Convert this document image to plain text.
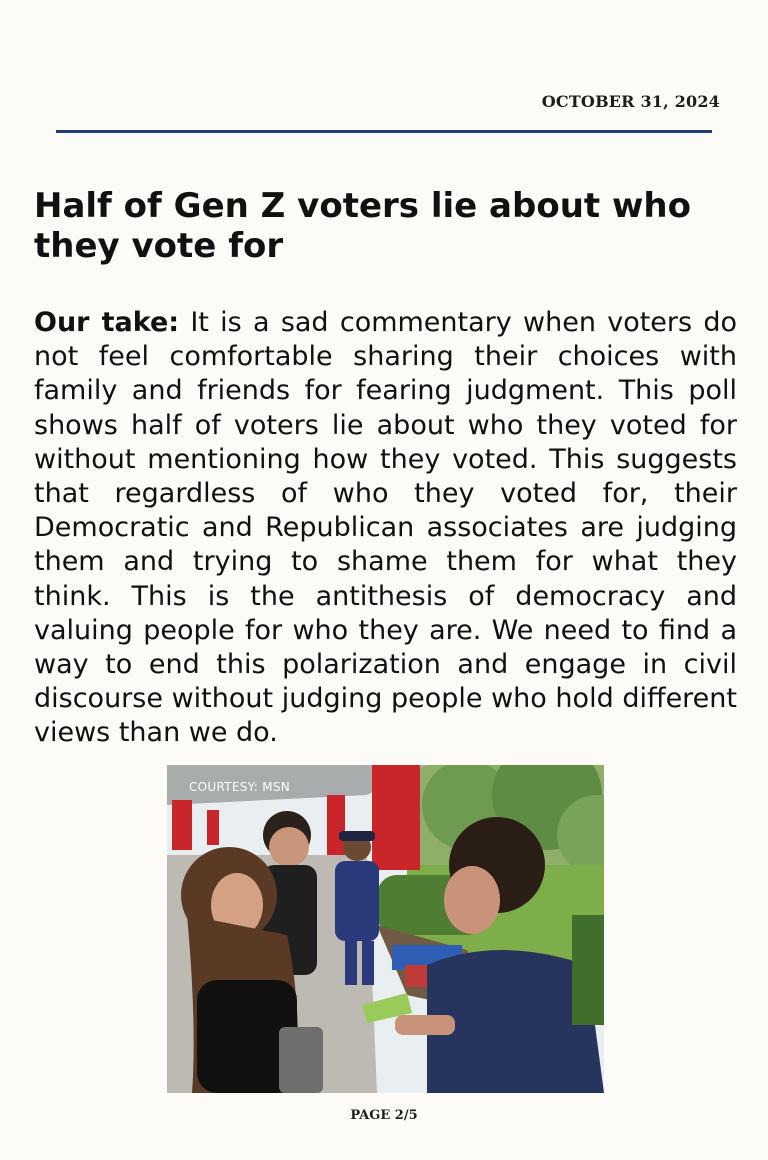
OCTOBER 31, 2024
Half of Gen Z voters lie about who they vote for

Our take: It is a sad commentary when voters do not feel comfortable sharing their choices with family and friends for fearing judgment. This poll shows half of voters lie about who they voted for without mentioning how they voted. This suggests that regardless of who they voted for, their Democratic and Republican associates are judging them and trying to shame them for what they think. This is the antithesis of democracy and valuing people for who they are. We need to find a way to end this polarization and engage in civil discourse without judging people who hold different views than we do.

COURTESY: MSN
PAGE 2/5
